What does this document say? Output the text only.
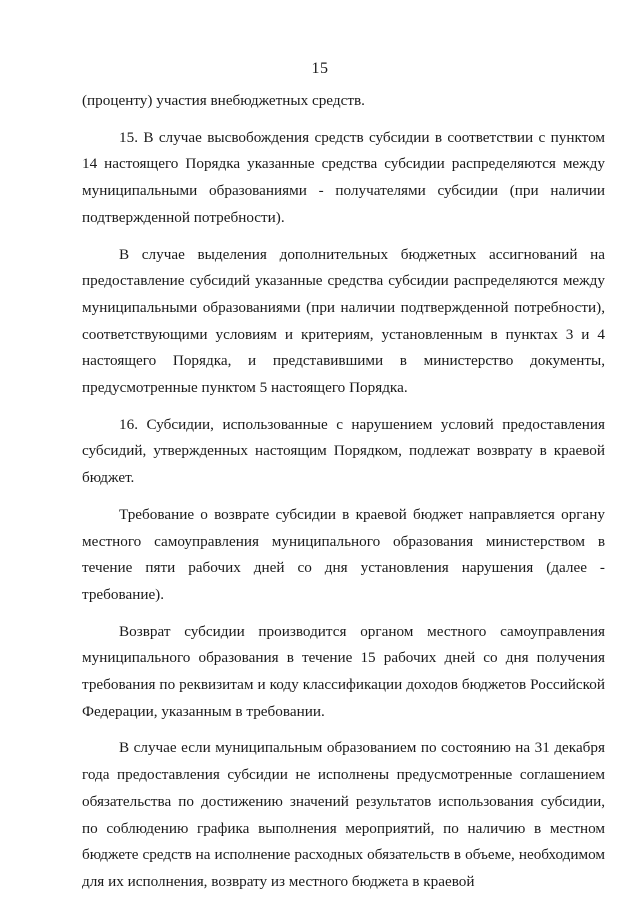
15

(проценту) участия внебюджетных средств.

15. В случае высвобождения средств субсидии в соответствии с пунктом 14 настоящего Порядка указанные средства субсидии распределяются между муниципальными образованиями - получателями субсидии (при наличии подтвержденной потребности).

В случае выделения дополнительных бюджетных ассигнований на предоставление субсидий указанные средства субсидии распределяются между муниципальными образованиями (при наличии подтвержденной потребности), соответствующими условиям и критериям, установленным в пунктах 3 и 4 настоящего Порядка, и представившими в министерство документы, предусмотренные пунктом 5 настоящего Порядка.

16. Субсидии, использованные с нарушением условий предоставления субсидий, утвержденных настоящим Порядком, подлежат возврату в краевой бюджет.

Требование о возврате субсидии в краевой бюджет направляется органу местного самоуправления муниципального образования министерством в течение пяти рабочих дней со дня установления нарушения (далее - требование).

Возврат субсидии производится органом местного самоуправления муниципального образования в течение 15 рабочих дней со дня получения требования по реквизитам и коду классификации доходов бюджетов Российской Федерации, указанным в требовании.

В случае если муниципальным образованием по состоянию на 31 декабря года предоставления субсидии не исполнены предусмотренные соглашением обязательства по достижению значений результатов использования субсидии, по соблюдению графика выполнения мероприятий, по наличию в местном бюджете средств на исполнение расходных обязательств в объеме, необходимом для их исполнения, возврату из местного бюджета в краевой
